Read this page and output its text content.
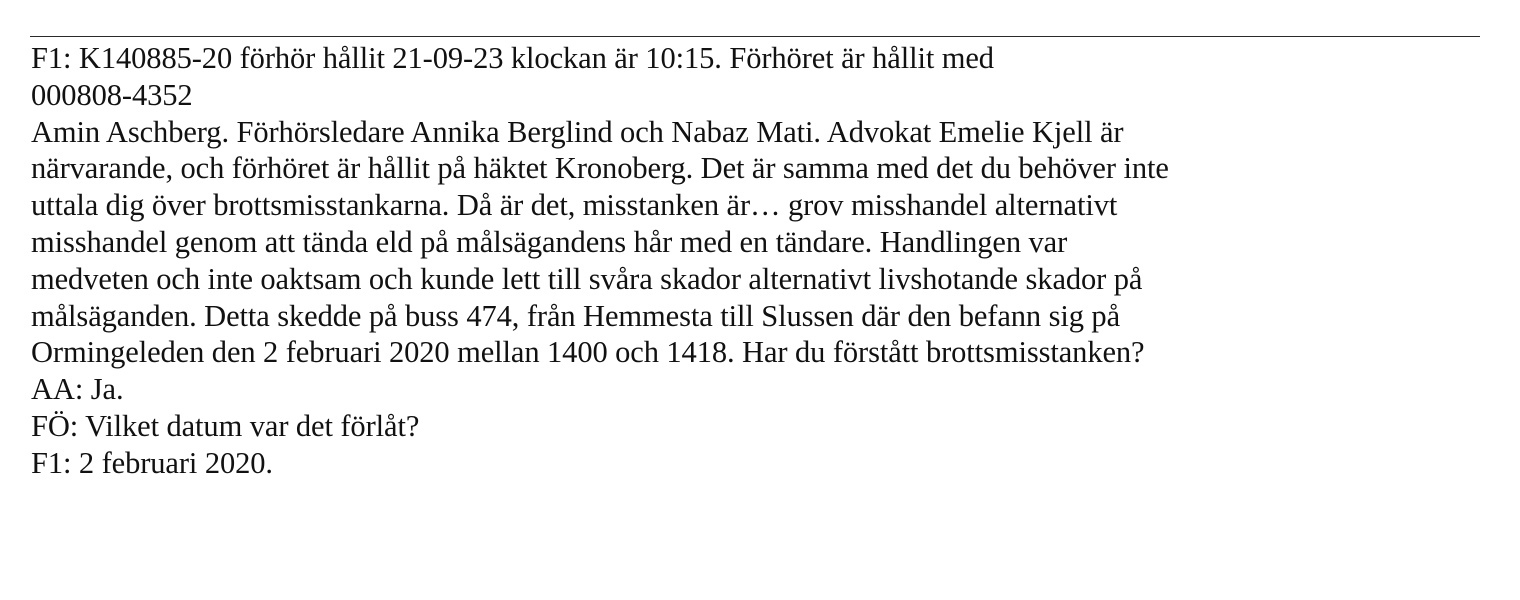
F1: K140885-20 förhör hållit 21-09-23 klockan är 10:15. Förhöret är hållit med
000808-4352
Amin Aschberg. Förhörsledare Annika Berglind och Nabaz Mati. Advokat Emelie Kjell är
närvarande, och förhöret är hållit på häktet Kronoberg. Det är samma med det du behöver inte
uttala dig över brottsmisstankarna. Då är det, misstanken är… grov misshandel alternativt
misshandel genom att tända eld på målsägandens hår med en tändare. Handlingen var
medveten och inte oaktsam och kunde lett till svåra skador alternativt livshotande skador på
målsäganden. Detta skedde på buss 474, från Hemmesta till Slussen där den befann sig på
Ormingeleden den 2 februari 2020 mellan 1400 och 1418. Har du förstått brottsmisstanken?
AA: Ja.
FÖ: Vilket datum var det förlåt?
F1: 2 februari 2020.
